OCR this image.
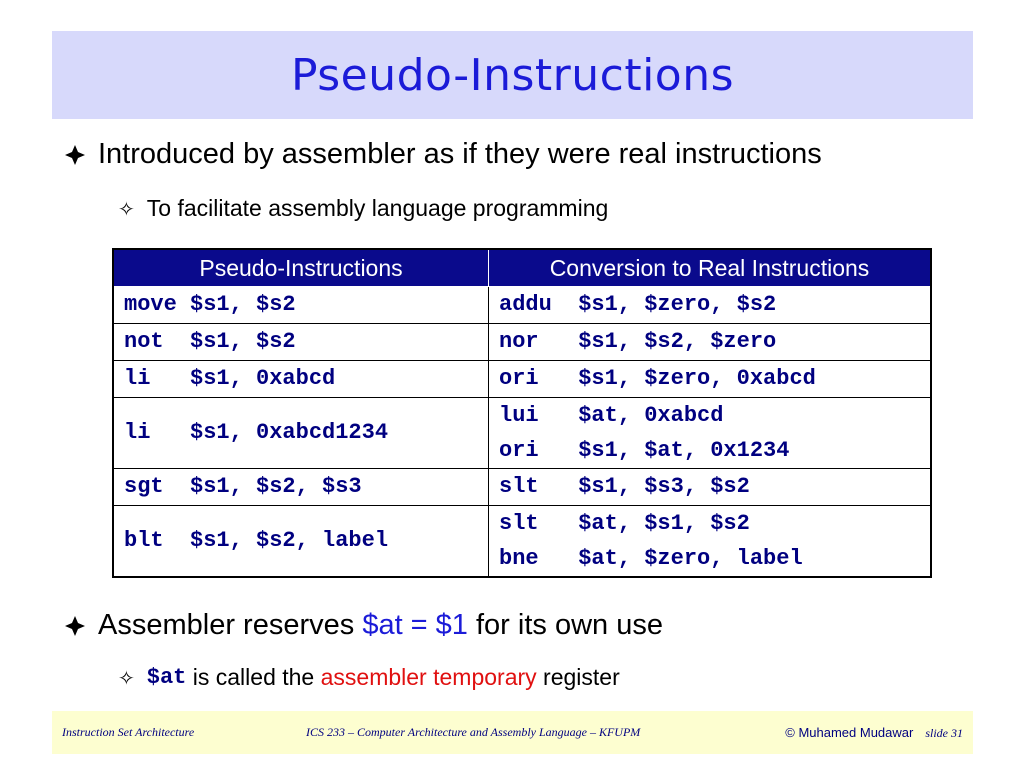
Pseudo-Instructions
Introduced by assembler as if they were real instructions
✧ To facilitate assembly language programming
Pseudo-Instructions	Conversion to Real Instructions
move $s1, $s2	addu  $s1, $zero, $s2
not  $s1, $s2	nor   $s1, $s2, $zero
li   $s1, 0xabcd	ori   $s1, $zero, 0xabcd
li   $s1, 0xabcd1234	lui   $at, 0xabcd
ori   $s1, $at, 0x1234

sgt  $s1, $s2, $s3	slt   $s1, $s3, $s2
blt  $s1, $s2, label	slt   $at, $s1, $s2
bne   $at, $zero, label
Assembler reserves $at = $1 for its own use
✧ $at is called the assembler temporary register
Instruction Set Architecture	ICS 233 – Computer Architecture and Assembly Language – KFUPM	© Muhamed Mudawar slide 31
